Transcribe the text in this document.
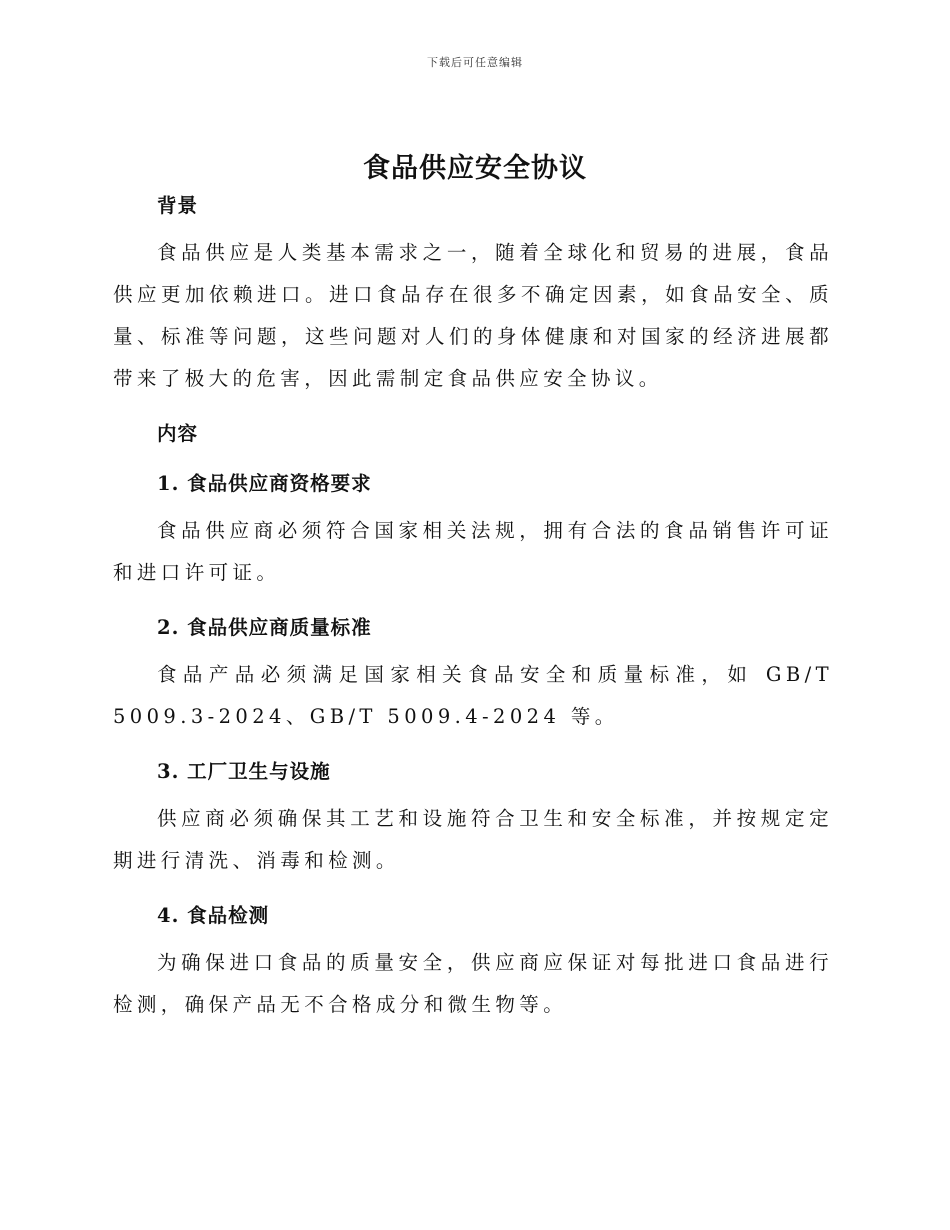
下载后可任意编辑
食品供应安全协议
背景

食品供应是人类基本需求之一，随着全球化和贸易的进展，食品供应更加依赖进口。进口食品存在很多不确定因素，如食品安全、质量、标准等问题，这些问题对人们的身体健康和对国家的经济进展都带来了极大的危害，因此需制定食品供应安全协议。

内容
1. 食品供应商资格要求

食品供应商必须符合国家相关法规，拥有合法的食品销售许可证和进口许可证。

2. 食品供应商质量标准

食品产品必须满足国家相关食品安全和质量标准，如 GB/T 5009.3-2024、GB/T 5009.4-2024 等。

3. 工厂卫生与设施

供应商必须确保其工艺和设施符合卫生和安全标准，并按规定定期进行清洗、消毒和检测。

4. 食品检测

为确保进口食品的质量安全，供应商应保证对每批进口食品进行检测，确保产品无不合格成分和微生物等。
